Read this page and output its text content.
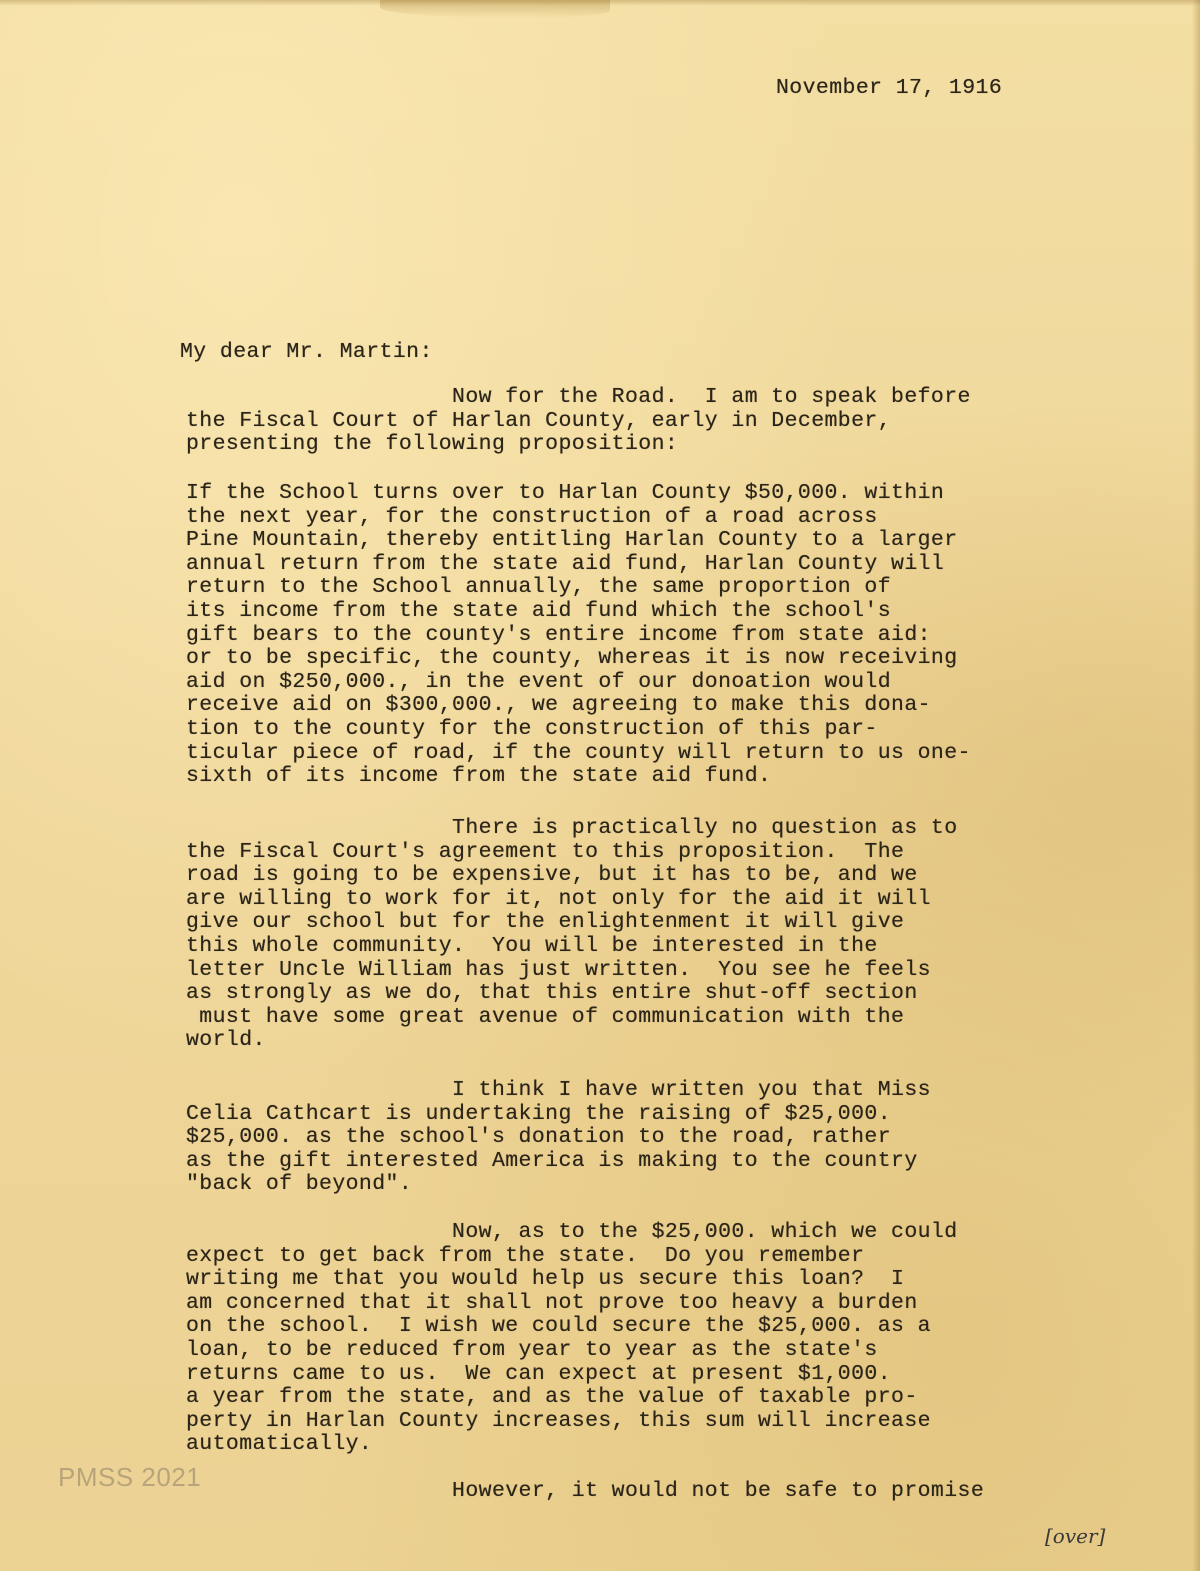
November 17, 1916
My dear Mr. Martin:
Now for the Road.  I am to speak before
the Fiscal Court of Harlan County, early in December,
presenting the following proposition:
If the School turns over to Harlan County $50,000. within
the next year, for the construction of a road across
Pine Mountain, thereby entitling Harlan County to a larger
annual return from the state aid fund, Harlan County will
return to the School annually, the same proportion of
its income from the state aid fund which the school's
gift bears to the county's entire income from state aid:
or to be specific, the county, whereas it is now receiving
aid on $250,000., in the event of our donoation would
receive aid on $300,000., we agreeing to make this dona-
tion to the county for the construction of this par-
ticular piece of road, if the county will return to us one-
sixth of its income from the state aid fund.
There is practically no question as to
the Fiscal Court's agreement to this proposition.  The
road is going to be expensive, but it has to be, and we
are willing to work for it, not only for the aid it will
give our school but for the enlightenment it will give
this whole community.  You will be interested in the
letter Uncle William has just written.  You see he feels
as strongly as we do, that this entire shut-off section
must have some great avenue of communication with the
world.
I think I have written you that Miss
Celia Cathcart is undertaking the raising of $25,000.
$25,000. as the school's donation to the road, rather
as the gift interested America is making to the country
"back of beyond".
Now, as to the $25,000. which we could
expect to get back from the state.  Do you remember
writing me that you would help us secure this loan?  I
am concerned that it shall not prove too heavy a burden
on the school.  I wish we could secure the $25,000. as a
loan, to be reduced from year to year as the state's
returns came to us.  We can expect at present $1,000.
a year from the state, and as the value of taxable pro-
perty in Harlan County increases, this sum will increase
automatically.
However, it would not be safe to promise
PMSS 2021
[over]
